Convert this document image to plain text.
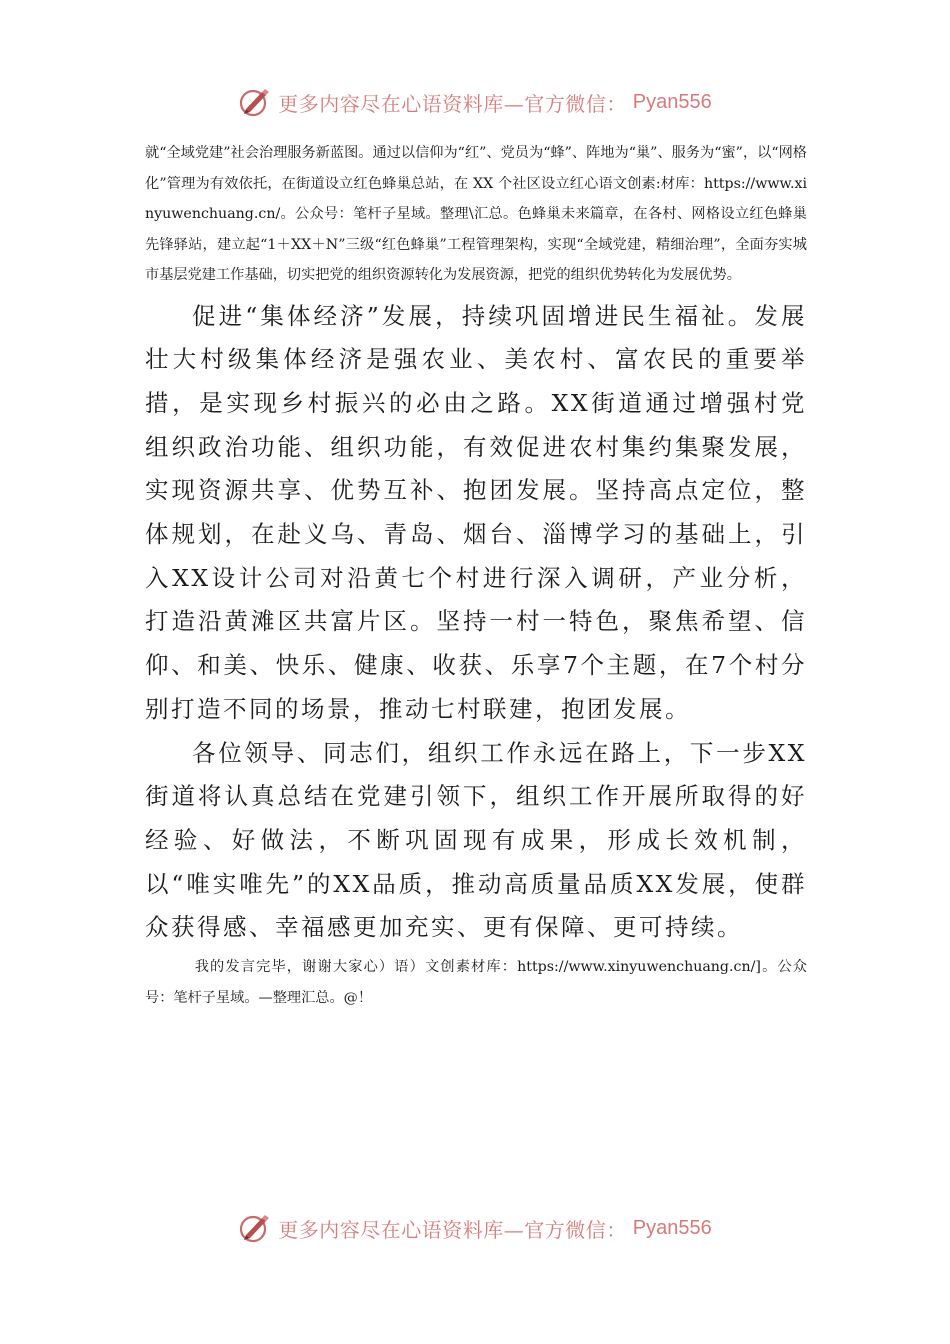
更多内容尽在心语资料库—官方微信： Pyan556

就“全域党建”社会治理服务新蓝图。通过以信仰为“红”、党员为“蜂”、阵地为“巢”、服务为“蜜”，以“网格化”管理为有效依托，在街道设立红色蜂巢总站，在 XX 个社区设立红心语文创素:材库：https://www.xinyuwenchuang.cn/。公众号：笔杆子星域。整理\汇总。色蜂巢未来篇章，在各村、网格设立红色蜂巢先锋驿站，建立起“1＋XX＋N”三级“红色蜂巢”工程管理架构，实现“全域党建，精细治理”，全面夯实城市基层党建工作基础，切实把党的组织资源转化为发展资源，把党的组织优势转化为发展优势。

促进“集体经济”发展，持续巩固增进民生福祉。发展壮大村级集体经济是强农业、美农村、富农民的重要举措，是实现乡村振兴的必由之路。XX街道通过增强村党组织政治功能、组织功能，有效促进农村集约集聚发展，实现资源共享、优势互补、抱团发展。坚持高点定位，整体规划，在赴义乌、青岛、烟台、淄博学习的基础上，引入XX设计公司对沿黄七个村进行深入调研，产业分析，打造沿黄滩区共富片区。坚持一村一特色，聚焦希望、信仰、和美、快乐、健康、收获、乐享7个主题，在7个村分别打造不同的场景，推动七村联建，抱团发展。

各位领导、同志们，组织工作永远在路上，下一步XX街道将认真总结在党建引领下，组织工作开展所取得的好经验、好做法，不断巩固现有成果，形成长效机制，以“唯实唯先”的XX品质，推动高质量品质XX发展，使群众获得感、幸福感更加充实、更有保障、更可持续。

我的发言完毕，谢谢大家心）语）文创素材库：https://www.xinyuwenchuang.cn/]。公众号：笔杆子星域。—整理汇总。@！

更多内容尽在心语资料库—官方微信： Pyan556
